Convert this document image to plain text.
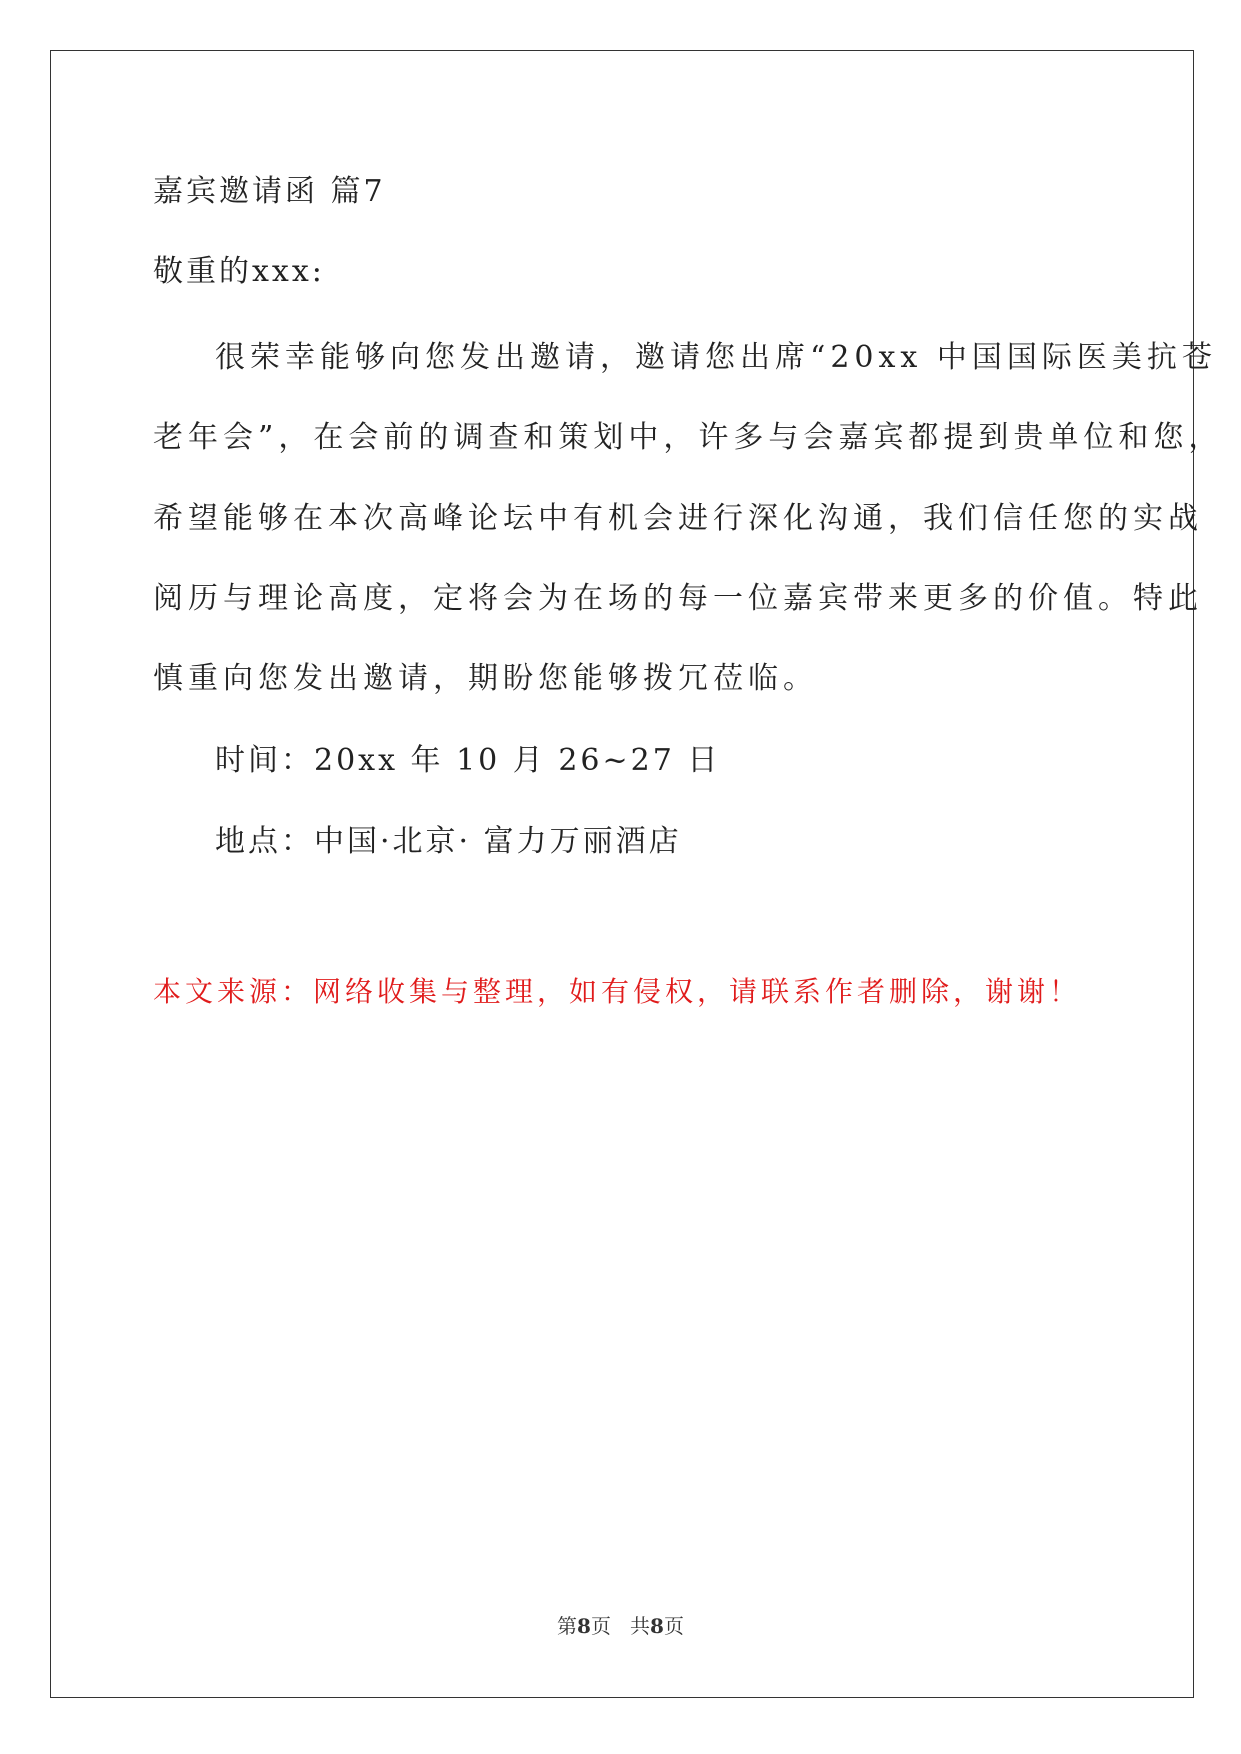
嘉宾邀请函 篇7
敬重的xxx:
很荣幸能够向您发出邀请，邀请您出席“20xx 中国国际医美抗苍
老年会”，在会前的调查和策划中，许多与会嘉宾都提到贵单位和您，
希望能够在本次高峰论坛中有机会进行深化沟通，我们信任您的实战
阅历与理论高度，定将会为在场的每一位嘉宾带来更多的价值。特此
慎重向您发出邀请，期盼您能够拨冗莅临。
时间：20xx 年 10 月 26~27 日
地点：中国·北京· 富力万丽酒店
本文来源：网络收集与整理，如有侵权，请联系作者删除，谢谢！
第8页 共8页
